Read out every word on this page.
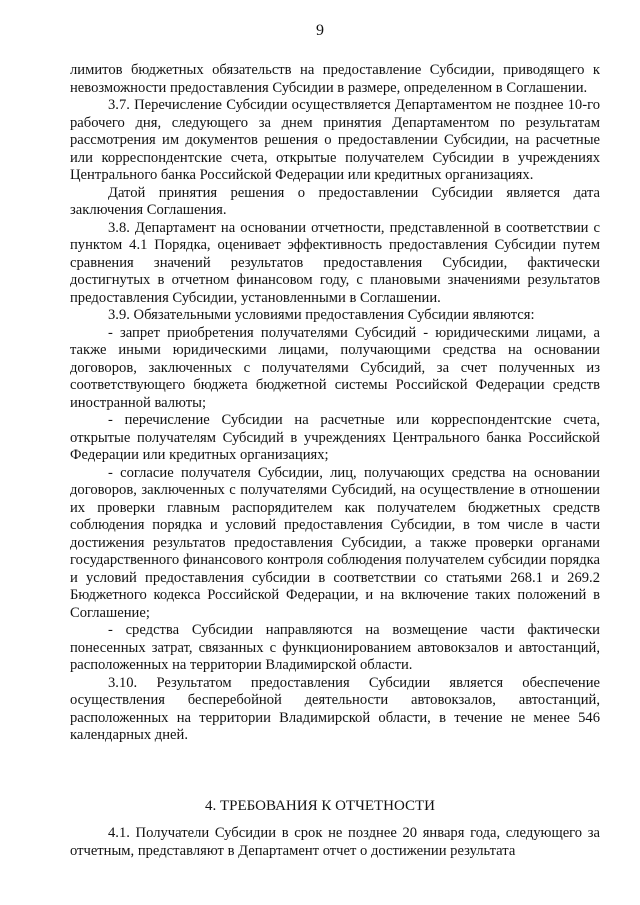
9

лимитов бюджетных обязательств на предоставление Субсидии, приводящего к невозможности предоставления Субсидии в размере, определенном в Соглашении.

3.7. Перечисление Субсидии осуществляется Департаментом не позднее 10-го рабочего дня, следующего за днем принятия Департаментом по результатам рассмотрения им документов решения о предоставлении Субсидии, на расчетные или корреспондентские счета, открытые получателем Субсидии в учреждениях Центрального банка Российской Федерации или кредитных организациях.

Датой принятия решения о предоставлении Субсидии является дата заключения Соглашения.

3.8. Департамент на основании отчетности, представленной в соответствии с пунктом 4.1 Порядка, оценивает эффективность предоставления Субсидии путем сравнения значений результатов предоставления Субсидии, фактически достигнутых в отчетном финансовом году, с плановыми значениями результатов предоставления Субсидии, установленными в Соглашении.

3.9. Обязательными условиями предоставления Субсидии являются:

- запрет приобретения получателями Субсидий - юридическими лицами, а также иными юридическими лицами, получающими средства на основании договоров, заключенных с получателями Субсидий, за счет полученных из соответствующего бюджета бюджетной системы Российской Федерации средств иностранной валюты;

- перечисление Субсидии на расчетные или корреспондентские счета, открытые получателям Субсидий в учреждениях Центрального банка Российской Федерации или кредитных организациях;

- согласие получателя Субсидии, лиц, получающих средства на основании договоров, заключенных с получателями Субсидий, на осуществление в отношении их проверки главным распорядителем как получателем бюджетных средств соблюдения порядка и условий предоставления Субсидии, в том числе в части достижения результатов предоставления Субсидии, а также проверки органами государственного финансового контроля соблюдения получателем субсидии порядка и условий предоставления субсидии в соответствии со статьями 268.1 и 269.2 Бюджетного кодекса Российской Федерации, и на включение таких положений в Соглашение;

- средства Субсидии направляются на возмещение части фактически понесенных затрат, связанных с функционированием автовокзалов и автостанций, расположенных на территории Владимирской области.

3.10. Результатом предоставления Субсидии является обеспечение осуществления бесперебойной деятельности автовокзалов, автостанций, расположенных на территории Владимирской области, в течение не менее 546 календарных дней.

4. ТРЕБОВАНИЯ К ОТЧЕТНОСТИ

4.1. Получатели Субсидии в срок не позднее 20 января года, следующего за отчетным, представляют в Департамент отчет о достижении результата
